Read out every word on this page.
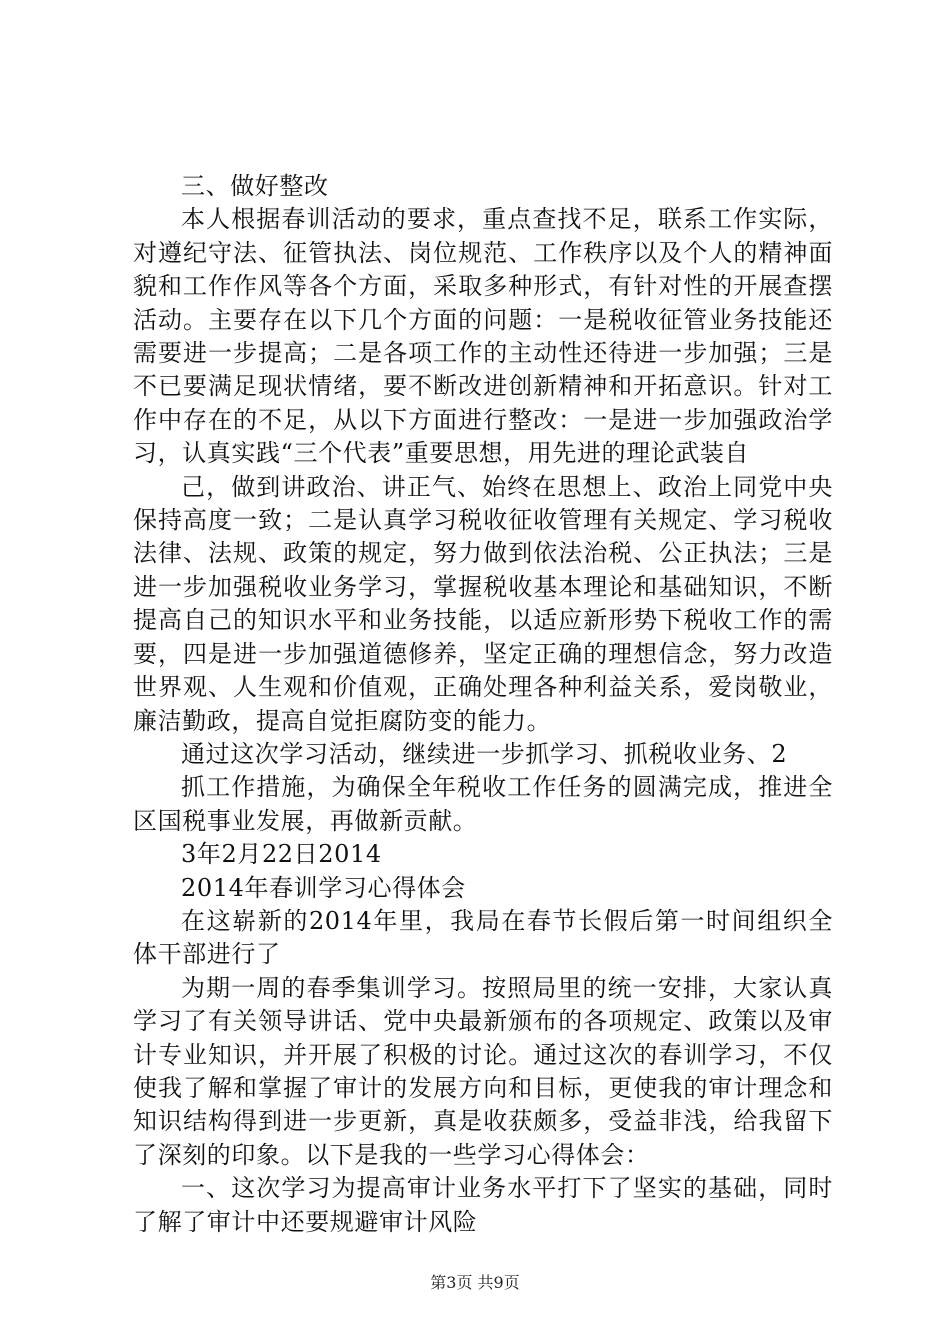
三、做好整改

本人根据春训活动的要求，重点查找不足，联系工作实际，对遵纪守法、征管执法、岗位规范、工作秩序以及个人的精神面貌和工作作风等各个方面，采取多种形式，有针对性的开展查摆活动。主要存在以下几个方面的问题：一是税收征管业务技能还需要进一步提高；二是各项工作的主动性还待进一步加强；三是不已要满足现状情绪，要不断改进创新精神和开拓意识。针对工作中存在的不足，从以下方面进行整改：一是进一步加强政治学习，认真实践“三个代表”重要思想，用先进的理论武装自

己，做到讲政治、讲正气、始终在思想上、政治上同党中央保持高度一致；二是认真学习税收征收管理有关规定、学习税收法律、法规、政策的规定，努力做到依法治税、公正执法；三是进一步加强税收业务学习，掌握税收基本理论和基础知识，不断提高自己的知识水平和业务技能，以适应新形势下税收工作的需要，四是进一步加强道德修养，坚定正确的理想信念，努力改造世界观、人生观和价值观，正确处理各种利益关系，爱岗敬业，廉洁勤政，提高自觉拒腐防变的能力。

通过这次学习活动，继续进一步抓学习、抓税收业务、2

抓工作措施，为确保全年税收工作任务的圆满完成，推进全区国税事业发展，再做新贡献。

3年2月22日2014

2014年春训学习心得体会

在这崭新的2014年里，我局在春节长假后第一时间组织全体干部进行了

为期一周的春季集训学习。按照局里的统一安排，大家认真学习了有关领导讲话、党中央最新颁布的各项规定、政策以及审计专业知识，并开展了积极的讨论。通过这次的春训学习，不仅使我了解和掌握了审计的发展方向和目标，更使我的审计理念和知识结构得到进一步更新，真是收获颇多，受益非浅，给我留下了深刻的印象。以下是我的一些学习心得体会：

一、这次学习为提高审计业务水平打下了坚实的基础，同时了解了审计中还要规避审计风险

第3页 共9页
